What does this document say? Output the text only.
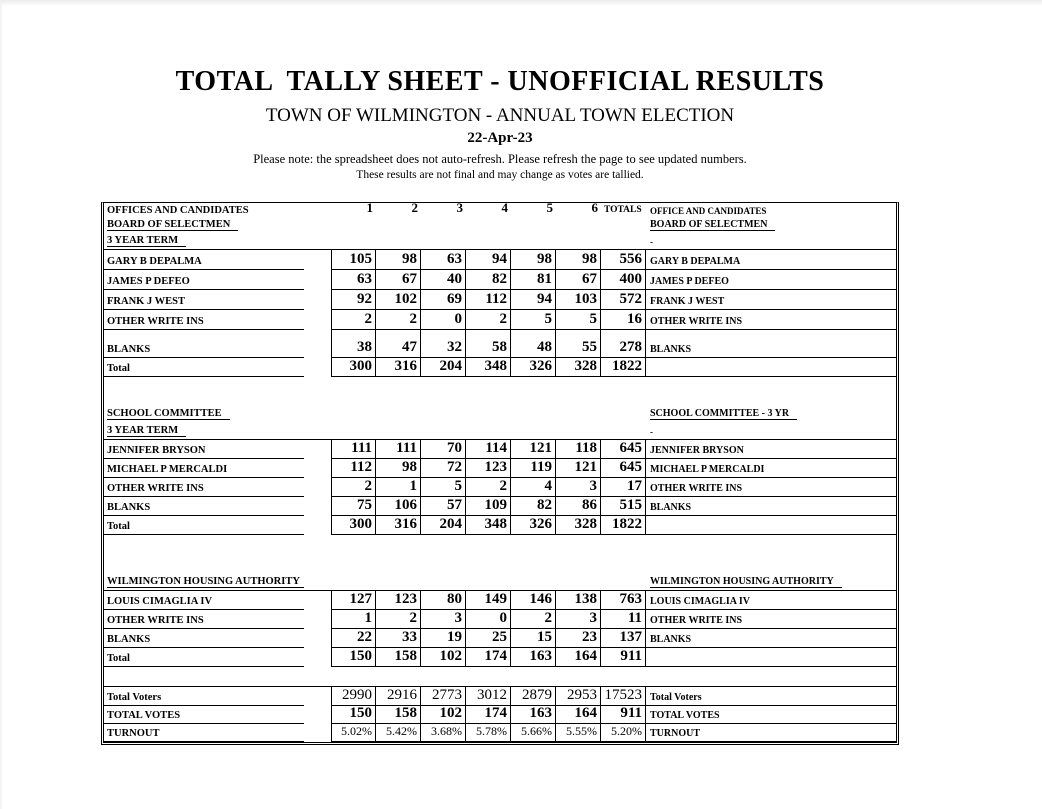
TOTAL  TALLY SHEET - UNOFFICIAL RESULTS
TOWN OF WILMINGTON - ANNUAL TOWN ELECTION
22-Apr-23
Please note: the spreadsheet does not auto-refresh. Please refresh the page to see updated numbers.
These results are not final and may change as votes are tallied.
OFFICES AND CANDIDATES	1	2	3	4	5	6 TOTALS OFFICE AND CANDIDATES
BOARD OF SELECTMEN	BOARD OF SELECTMEN
3 YEAR TERM	-
GARY B DEPALMA	105	98	63	94	98	98	556 GARY B DEPALMA
JAMES P DEFEO	63	67	40	82	81	67	400 JAMES P DEFEO
FRANK J WEST	92	102	69	112	94	103	572 FRANK J WEST
OTHER WRITE INS	2	2	0	2	5	5	16 OTHER WRITE INS
BLANKS	38	47	32	58	48	55	278 BLANKS
Total	300	316	204	348	326	328	1822
SCHOOL COMMITTEE	SCHOOL COMMITTEE - 3 YR
3 YEAR TERM	-
JENNIFER BRYSON	111	111	70	114	121	118	645 JENNIFER BRYSON
MICHAEL P MERCALDI	112	98	72	123	119	121	645 MICHAEL P MERCALDI
OTHER WRITE INS	2	1	5	2	4	3	17 OTHER WRITE INS
BLANKS	75	106	57	109	82	86	515 BLANKS
Total	300	316	204	348	326	328	1822
WILMINGTON HOUSING AUTHORITY	WILMINGTON HOUSING AUTHORITY
LOUIS CIMAGLIA IV	127	123	80	149	146	138	763 LOUIS CIMAGLIA IV
OTHER WRITE INS	1	2	3	0	2	3	11 OTHER WRITE INS
BLANKS	22	33	19	25	15	23	137 BLANKS
Total	150	158	102	174	163	164	911
Total Voters	2990	2916	2773	3012	2879	2953 17523 Total Voters
TOTAL VOTES	150	158	102	174	163	164	911 TOTAL VOTES
TURNOUT	5.02%	5.42%	3.68%	5.78%	5.66%	5.55%	5.20% TURNOUT
